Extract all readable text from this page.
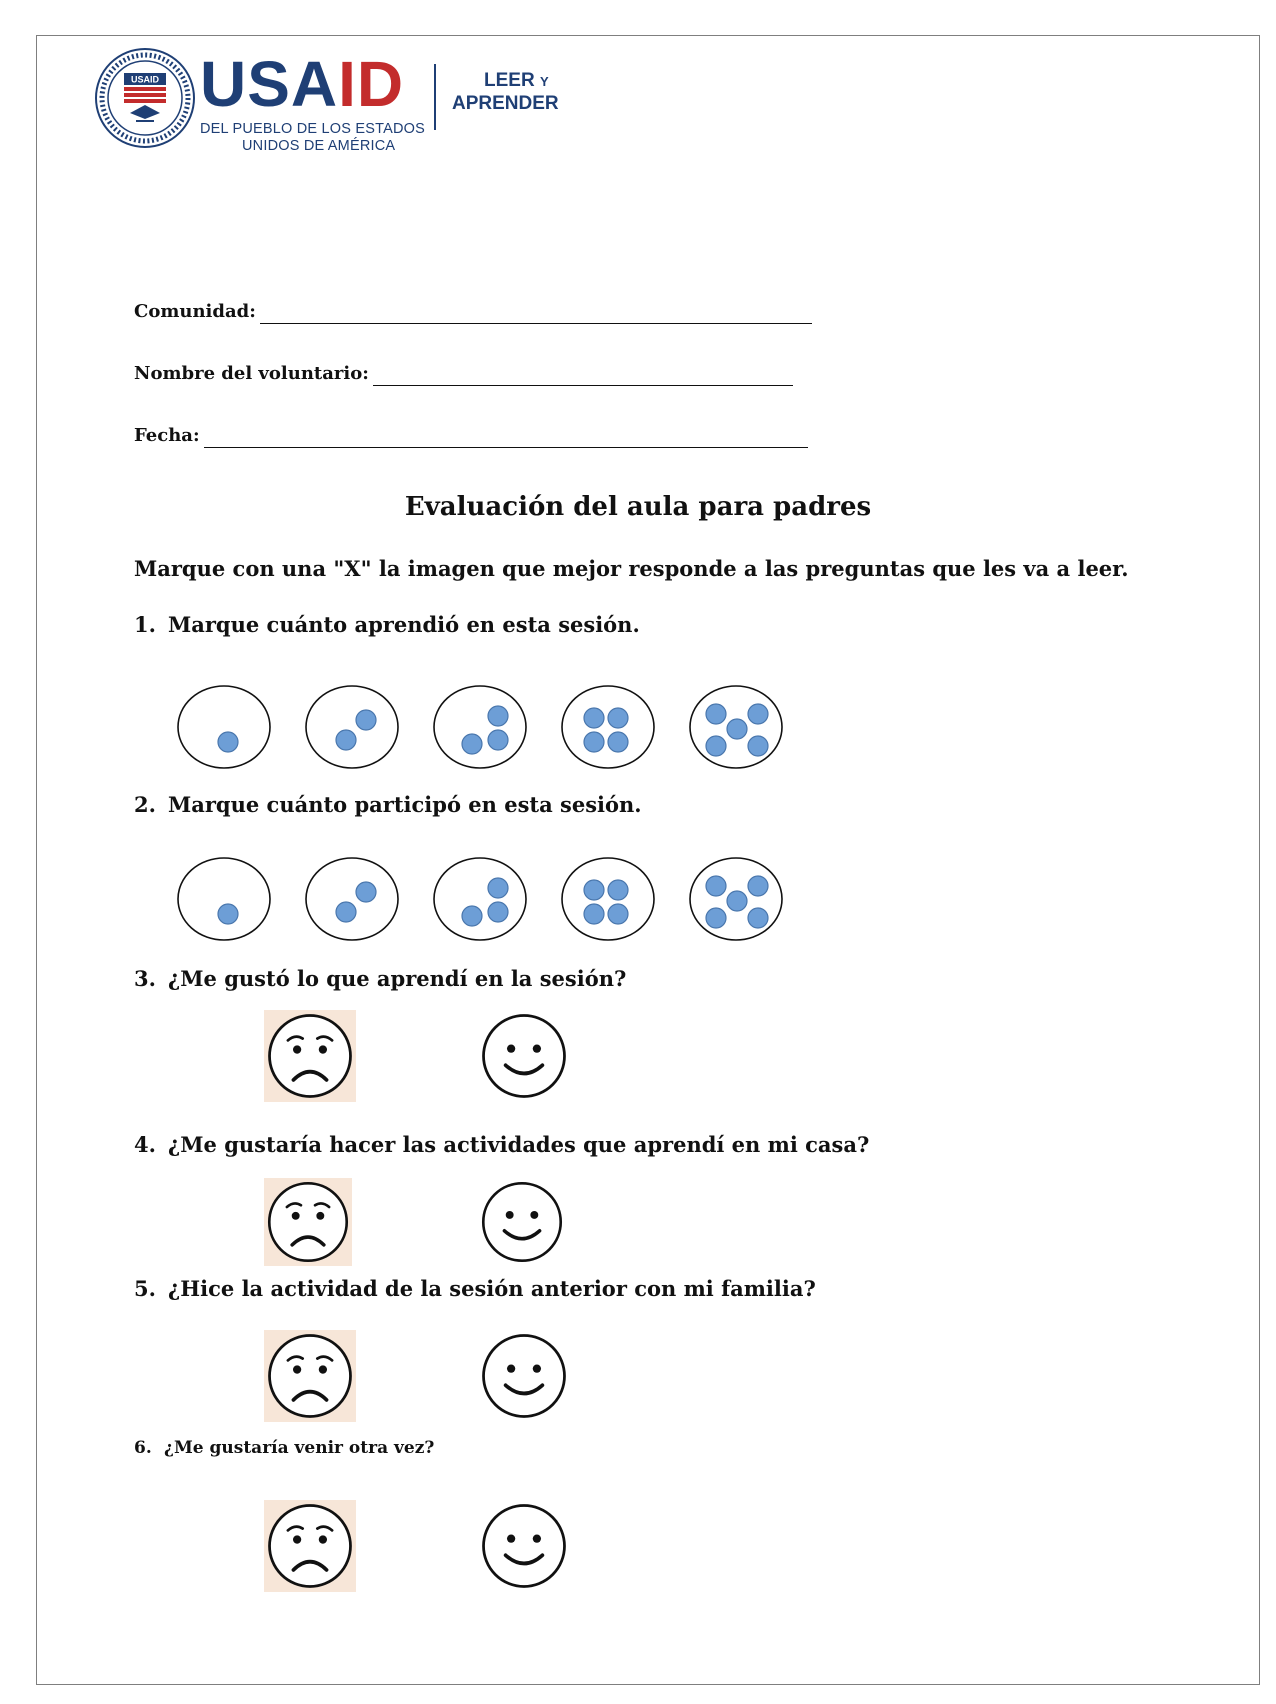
USAID USAID
DEL PUEBLO DE LOS ESTADOS
UNIDOS DE AMÉRICA
LEER Y
APRENDER
Comunidad:
Nombre del voluntario:
Fecha:
Evaluación del aula para padres
Marque con una "X" la imagen que mejor responde a las preguntas que les va a leer.
1. Marque cuánto aprendió en esta sesión.
2. Marque cuánto participó en esta sesión.
3. ¿Me gustó lo que aprendí en la sesión?
4. ¿Me gustaría hacer las actividades que aprendí en mi casa?
5. ¿Hice la actividad de la sesión anterior con mi familia?
6. ¿Me gustaría venir otra vez?
